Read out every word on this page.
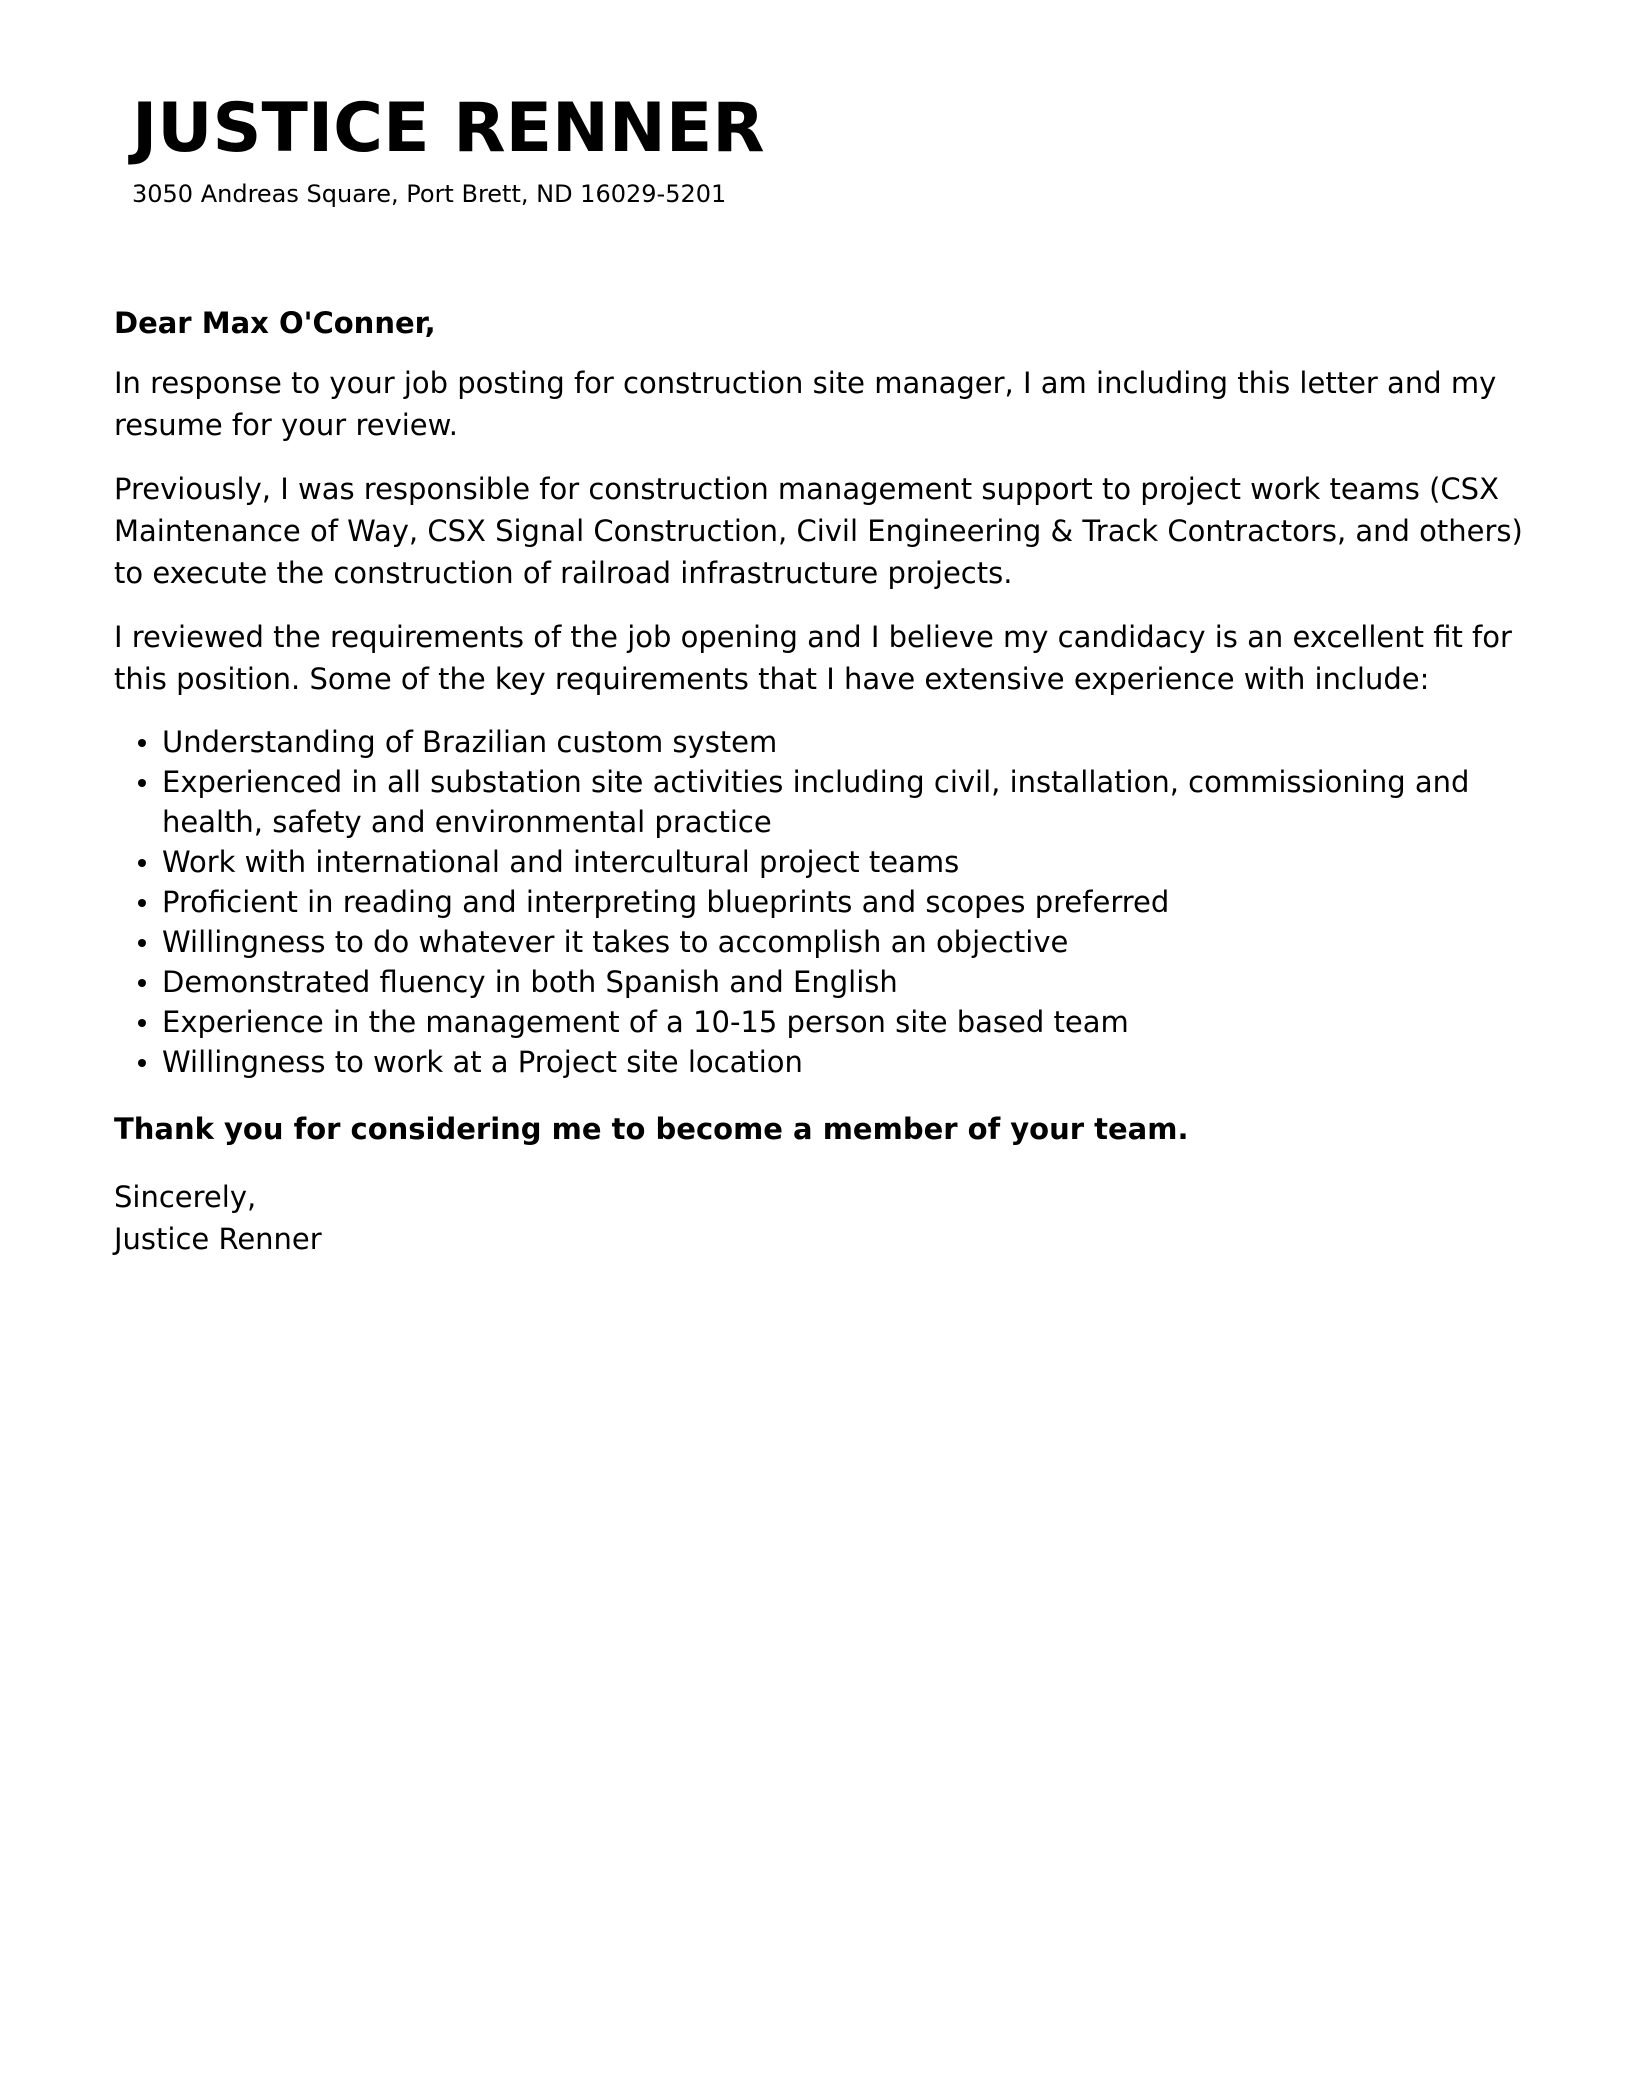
JUSTICE RENNER
3050 Andreas Square, Port Brett, ND 16029-5201

Dear Max O'Conner,

In response to your job posting for construction site manager, I am including this letter and my resume for your review.

Previously, I was responsible for construction management support to project work teams (CSX Maintenance of Way, CSX Signal Construction, Civil Engineering & Track Contractors, and others) to execute the construction of railroad infrastructure projects.

I reviewed the requirements of the job opening and I believe my candidacy is an excellent fit for this position. Some of the key requirements that I have extensive experience with include:

Understanding of Brazilian custom system
Experienced in all substation site activities including civil, installation, commissioning and health, safety and environmental practice
Work with international and intercultural project teams
Proficient in reading and interpreting blueprints and scopes preferred
Willingness to do whatever it takes to accomplish an objective
Demonstrated fluency in both Spanish and English
Experience in the management of a 10-15 person site based team
Willingness to work at a Project site location

Thank you for considering me to become a member of your team.

Sincerely,

Justice Renner
